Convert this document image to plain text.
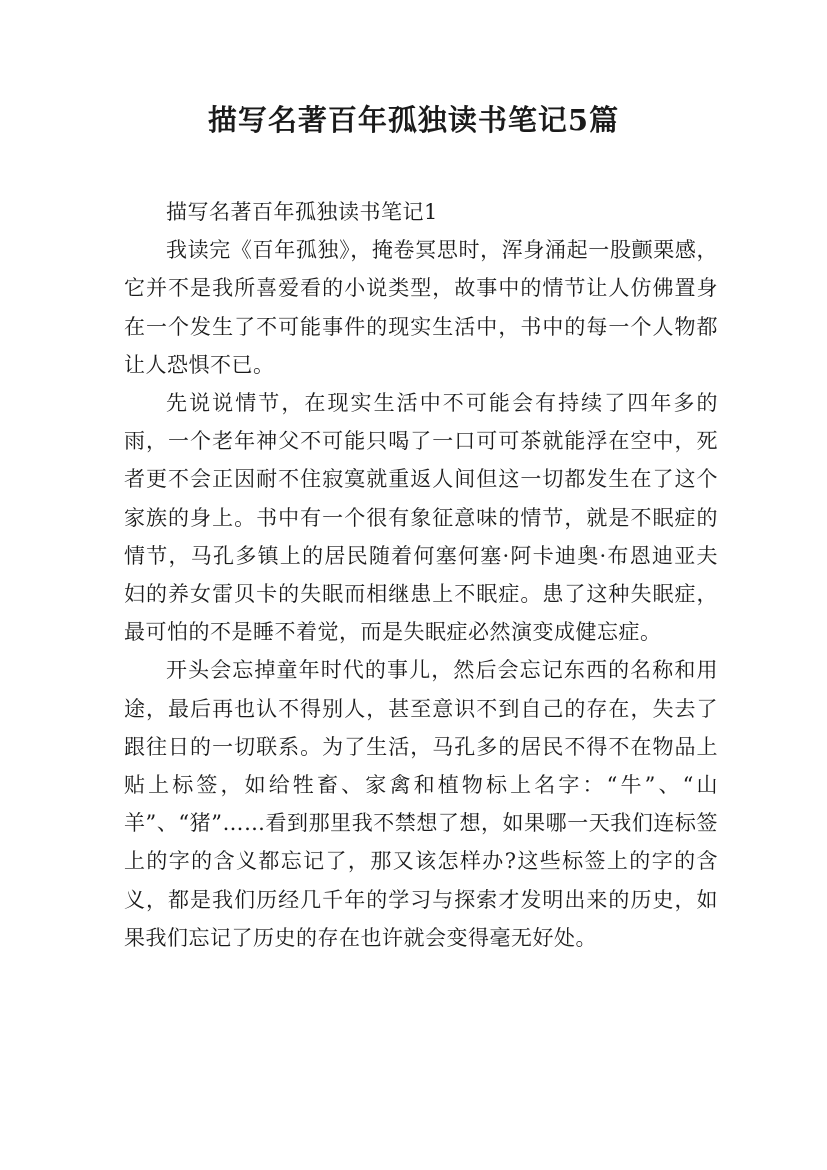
描写名著百年孤独读书笔记5篇
描写名著百年孤独读书笔记1

我读完《百年孤独》，掩卷冥思时，浑身涌起一股颤栗感，它并不是我所喜爱看的小说类型，故事中的情节让人仿佛置身在一个发生了不可能事件的现实生活中，书中的每一个人物都让人恐惧不已。

先说说情节，在现实生活中不可能会有持续了四年多的雨，一个老年神父不可能只喝了一口可可茶就能浮在空中，死者更不会正因耐不住寂寞就重返人间但这一切都发生在了这个家族的身上。书中有一个很有象征意味的情节，就是不眠症的情节，马孔多镇上的居民随着何塞何塞·阿卡迪奥·布恩迪亚夫妇的养女雷贝卡的失眠而相继患上不眠症。患了这种失眠症，最可怕的不是睡不着觉，而是失眠症必然演变成健忘症。

开头会忘掉童年时代的事儿，然后会忘记东西的名称和用途，最后再也认不得别人，甚至意识不到自己的存在，失去了跟往日的一切联系。为了生活，马孔多的居民不得不在物品上贴上标签，如给牲畜、家禽和植物标上名字：“牛”、“山羊”、“猪”……看到那里我不禁想了想，如果哪一天我们连标签上的字的含义都忘记了，那又该怎样办?这些标签上的字的含义，都是我们历经几千年的学习与探索才发明出来的历史，如果我们忘记了历史的存在也许就会变得毫无好处。
